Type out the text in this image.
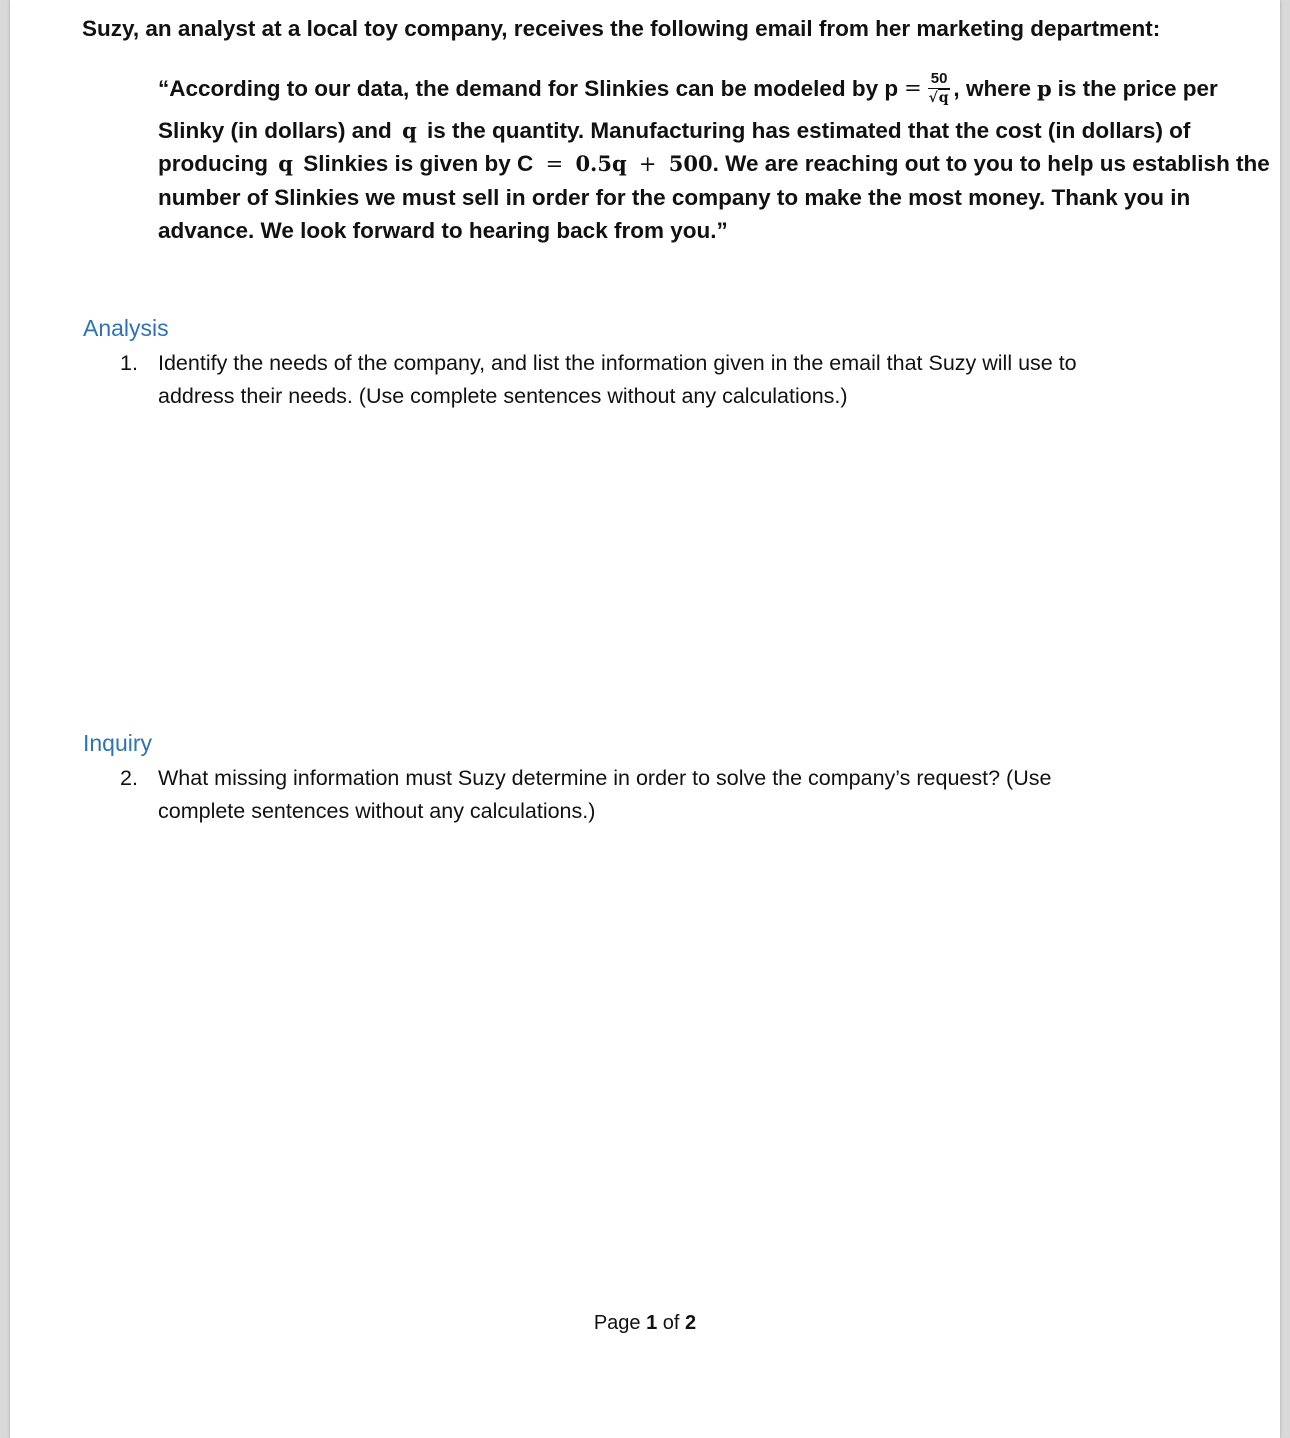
Suzy, an analyst at a local toy company, receives the following email from her marketing department:
“According to our data, the demand for Slinkies can be modeled by $p = \frac{50}{√q}$ , where p is the price per
Slinky (in dollars) and q is the quantity. Manufacturing has estimated that the cost (in dollars) of
producing q Slinkies is given by C = 0.5q + 500. We are reaching out to you to help us establish the
number of Slinkies we must sell in order for the company to make the most money. Thank you in
advance. We look forward to hearing back from you.”
Analysis
1. Identify the needs of the company, and list the information given in the email that Suzy will use to
address their needs. (Use complete sentences without any calculations.)
Inquiry
2. What missing information must Suzy determine in order to solve the company’s request? (Use
complete sentences without any calculations.)
Page 1 of 2
